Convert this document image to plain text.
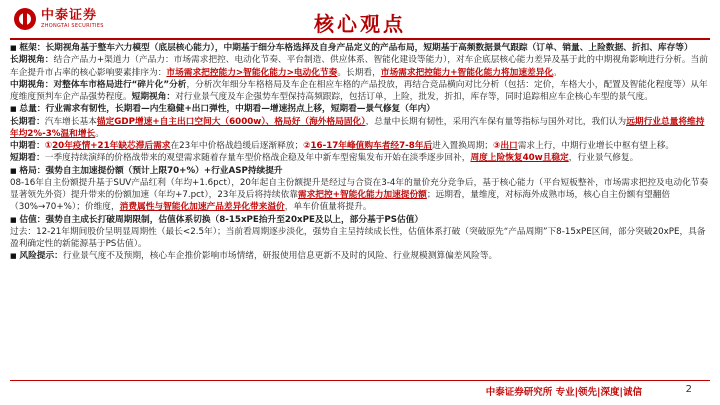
中泰证券
ZHONGTAI SECURITIES	核心观点

■ 框架：长期视角基于整车六力模型（底层核心能力），中期基于细分车格选择及自身产品定义的产品布局，短期基于高频数据景气跟踪（订单、销量、上险数据、折扣、库存等）

长期视角：结合产品力+渠道力（产品力：市场需求把控、电动化节奏、平台制造、供应体系、智能化建设等能力），对车企底层核心能力差异及基于此的中期视角影响进行分析。当前车企提升市占率的核心影响要素排序为：市场需求把控能力>智能化能力>电动化节奏。长期看，市场需求把控能力+智能化能力将加速差异化。

中期视角：对整体车市格局进行“碎片化”分析，分析次年细分车格格局及车企在相应车格的产品投放，再结合竞品横向对比分析（包括：定价，车格大小，配置及智能化程度等）从年度维度预判车企产品强势程度。短期视角：对行业景气度及车企强势车型保持高频跟踪，包括订单，上险，批发，折扣，库存等，同时追踪相应车企核心车型的景气度。

■ 总量：行业需求有韧性，长期看—内生稳健+出口弹性，中期看—增速拐点上移，短期看—景气修复（年内）

长期看：汽车增长基本锚定GDP增速+自主出口空间大（6000w）、格局好（海外格局固化），总量中长期有韧性，采用汽车保有量等指标与国外对比，我们认为远期行业总量将维持年均2%-3%温和增长。

中期看：①20年疫情+21年缺芯滞后需求在23年中价格战趋缓后逐渐释放；②16-17年峰值购车者经7-8年后进入置换周期；③出口需求上行，中期行业增长中枢有望上移。

短期看：一季度持续演绎的价格战带来的观望需求随着存量车型价格战企稳及年中新车型密集发布开始在淡季逐步回补，周度上险恢复40w且稳定，行业景气修复。

■ 格局：强势自主加速提份额（预计上限70+%）+行业ASP持续提升

08-16年自主份额提升基于SUV产品红利（年均+1.6pct），20年起自主份额提升是经过与合资在3-4年的量价充分竞争后，基于核心能力（平台短板整补，市场需求把控及电动化节奏显著领先外资）提升带来的份额加速（年均+7.pct），23年及后将持续依靠需求把控+智能化能力加速提份额；远期看，量维度，对标海外成熟市场，核心自主份额有望翻倍（30%→70+%）；价维度，消费属性与智能化加速产品差异化带来溢价，单车价值量将提升。

■ 估值：强势自主成长打破周期限制，估值体系切换（8-15xPE抬升至20xPE及以上，部分基于PS估值）

过去：12-21年期间股价呈明显周期性（最长<2.5年）；当前看周期逐步淡化，强势自主呈持续成长性，估值体系打破（突破原先“产品周期”下8-15xPE区间，部分突破20xPE，具备盈利确定性的新能源基于PS估值）。

■ 风险提示：行业景气度不及预期，核心车企推价影响市场情绪，研报使用信息更新不及时的风险、行业规模测算偏差风险等。

中泰证券研究所 专业|领先|深度|诚信	2
